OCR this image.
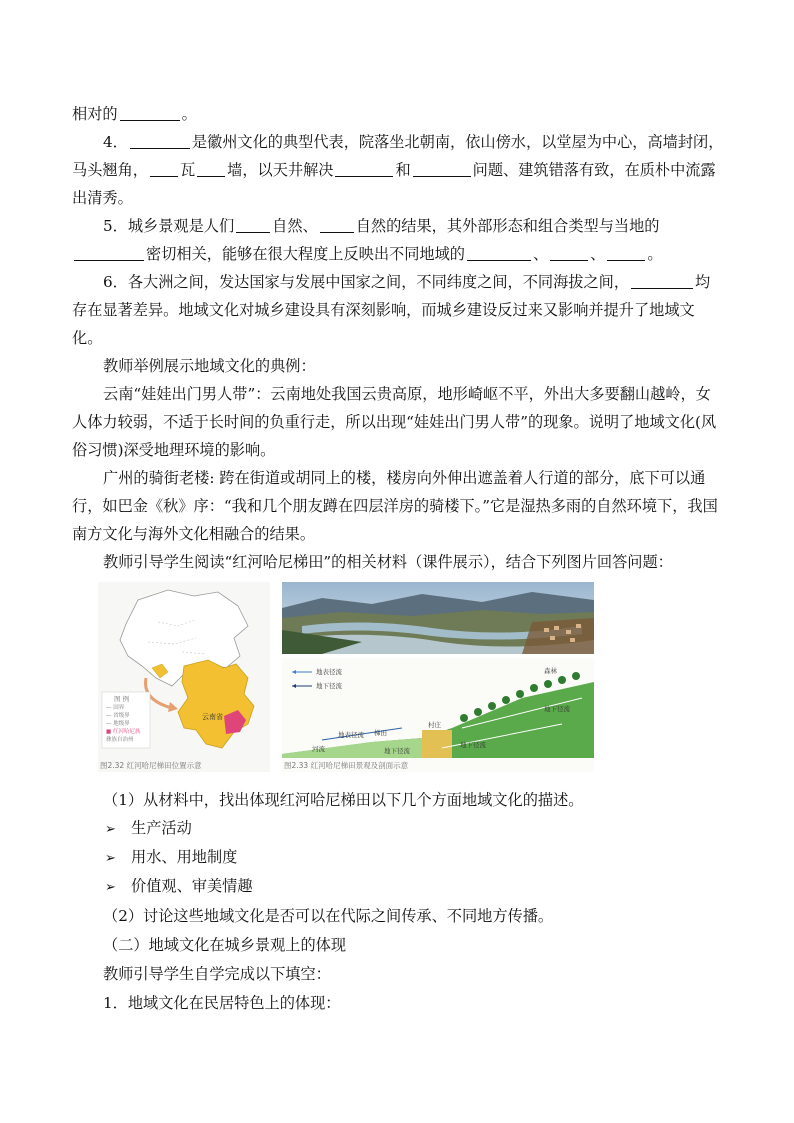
相对的	。

4．	是徽州文化的典型代表，院落坐北朝南，依山傍水，以堂屋为中心，高墙封闭，马头翘角， 瓦 墙，以天井解决	和	问题、建筑错落有致，在质朴中流露出清秀。

5．城乡景观是人们	自然、	自然的结果，其外部形态和组合类型与当地的密切相关，能够在很大程度上反映出不同地域的	、	、	。

6．各大洲之间，发达国家与发展中国家之间，不同纬度之间，不同海拔之间，	均存在显著差异。地域文化对城乡建设具有深刻影响，而城乡建设反过来又影响并提升了地域文化。

教师举例展示地域文化的典例：

云南“娃娃出门男人带”：云南地处我国云贵高原，地形崎岖不平，外出大多要翻山越岭，女人体力较弱，不适于长时间的负重行走，所以出现“娃娃出门男人带”的现象。说明了地域文化(风俗习惯)深受地理环境的影响。

广州的骑街老楼: 跨在街道或胡同上的楼，楼房向外伸出遮盖着人行道的部分，底下可以通行，如巴金《秋》序：“我和几个朋友蹲在四层洋房的骑楼下。”它是湿热多雨的自然环境下，我国南方文化与海外文化相融合的结果。

教师引导学生阅读“红河哈尼梯田”的相关材料（课件展示），结合下列图片回答问题：

云南省
图 例
— 国界
— 省级界
— 地级界
■ 红河哈尼族
彝族自治州
图2.32 红河哈尼梯田位置示意
地表径流
地下径流
森林
村庄
梯田
地表径流
河流	地下径流
地下径流
地下径流
图2.33 红河哈尼梯田景观及剖面示意

（1）从材料中，找出体现红河哈尼梯田以下几个方面地域文化的描述。

➢ 生产活动
➢ 用水、用地制度
➢ 价值观、审美情趣

（2）讨论这些地域文化是否可以在代际之间传承、不同地方传播。

（二）地域文化在城乡景观上的体现

教师引导学生自学完成以下填空：

1．地域文化在民居特色上的体现：
